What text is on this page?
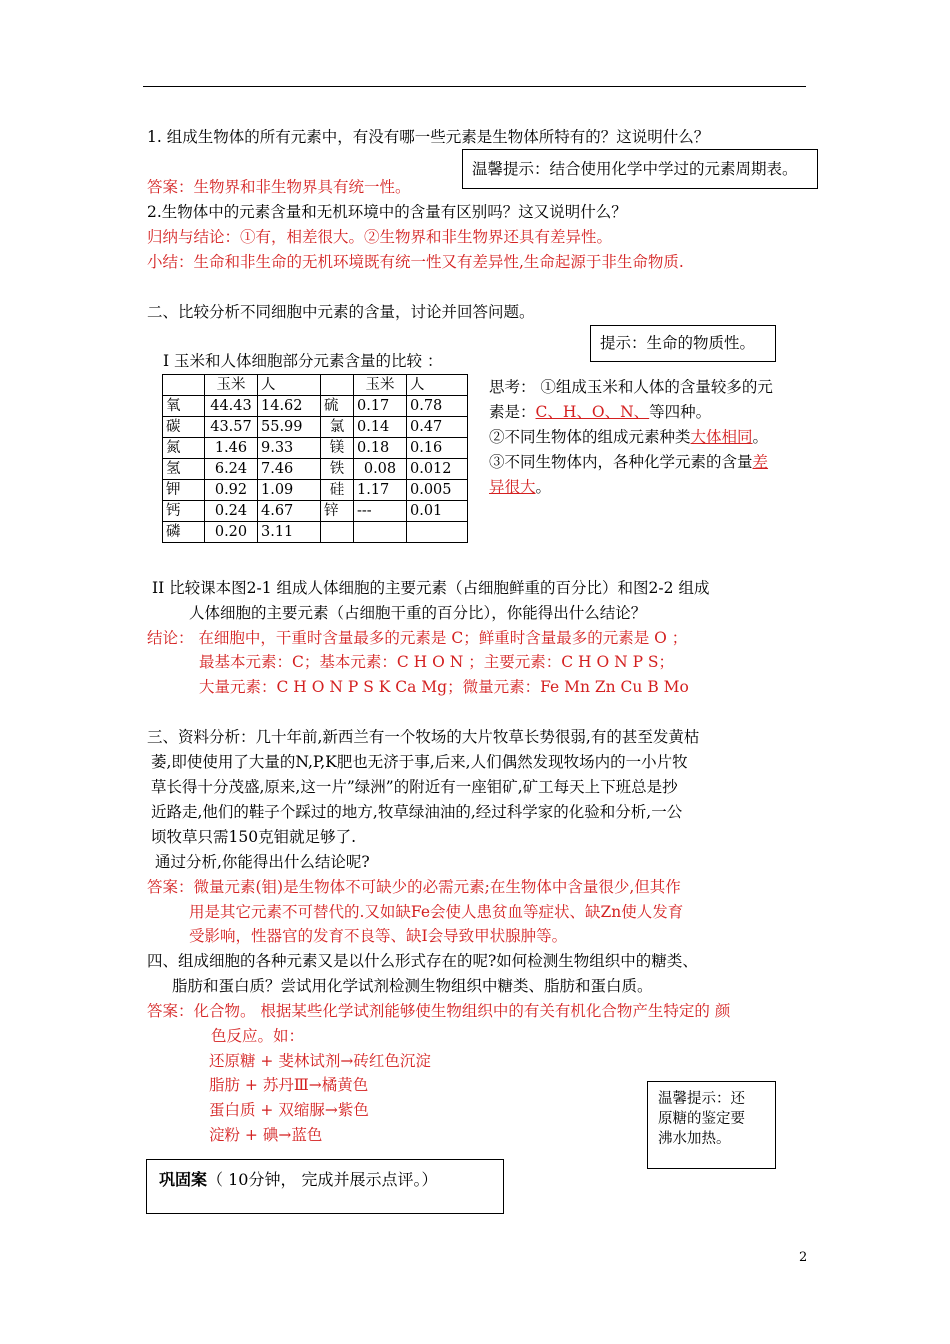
1. 组成生物体的所有元素中，有没有哪一些元素是生物体所特有的？这说明什么？
温馨提示：结合使用化学中学过的元素周期表。
答案：生物界和非生物界具有统一性。
2.生物体中的元素含量和无机环境中的含量有区别吗？这又说明什么？
归纳与结论：①有，相差很大。②生物界和非生物界还具有差异性。
小结：生命和非生命的无机环境既有统一性又有差异性,生命起源于非生命物质.
二、比较分析不同细胞中元素的含量，讨论并回答问题。
提示：生命的物质性。
I 玉米和人体细胞部分元素含量的比较 ：
	玉米	人		玉米	人
氧	44.43	14.62	硫	0.17	0.78
碳	43.57	55.99	氯	0.14	0.47
氮	1.46	9.33	镁	0.18	0.16
氢	6.24	7.46	铁	0.08	0.012
钾	0.92	1.09	硅	1.17	0.005
钙	0.24	4.67	锌	---	0.01
磷	0.20	3.11			
思考： ①组成玉米和人体的含量较多的元
素是：C、H、O、N、等四种。
②不同生物体的组成元素种类大体相同。
③不同生物体内，各种化学元素的含量差
异很大。
II 比较课本图2-1 组成人体细胞的主要元素（占细胞鲜重的百分比）和图2-2 组成
人体细胞的主要元素（占细胞干重的百分比），你能得出什么结论？
结论： 在细胞中，干重时含量最多的元素是 C；鲜重时含量最多的元素是 O ；
最基本元素：C；基本元素：C H O N ；主要元素：C H O N P S；
大量元素：C H O N P S K Ca Mg；微量元素：Fe Mn Zn Cu B Mo
三、资料分析：几十年前,新西兰有一个牧场的大片牧草长势很弱,有的甚至发黄枯
萎,即使使用了大量的N,P,K肥也无济于事,后来,人们偶然发现牧场内的一小片牧
草长得十分茂盛,原来,这一片”绿洲”的附近有一座钼矿,矿工每天上下班总是抄
近路走,他们的鞋子个踩过的地方,牧草绿油油的,经过科学家的化验和分析,一公
顷牧草只需150克钼就足够了.
通过分析,你能得出什么结论呢?
答案：微量元素(钼)是生物体不可缺少的必需元素;在生物体中含量很少,但其作
用是其它元素不可替代的.又如缺Fe会使人患贫血等症状、缺Zn使人发育
受影响，性器官的发育不良等、缺I会导致甲状腺肿等。
四、组成细胞的各种元素又是以什么形式存在的呢?如何检测生物组织中的糖类、
脂肪和蛋白质？尝试用化学试剂检测生物组织中糖类、脂肪和蛋白质。
答案：化合物。 根据某些化学试剂能够使生物组织中的有关有机化合物产生特定的 颜
色反应。如：
还原糖 + 斐林试剂→砖红色沉淀
脂肪 + 苏丹Ⅲ→橘黄色
蛋白质 + 双缩脲→紫色
淀粉 + 碘→蓝色
温馨提示：还
原糖的鉴定要
沸水加热。
巩固案（ 10分钟， 完成并展示点评。）
2
